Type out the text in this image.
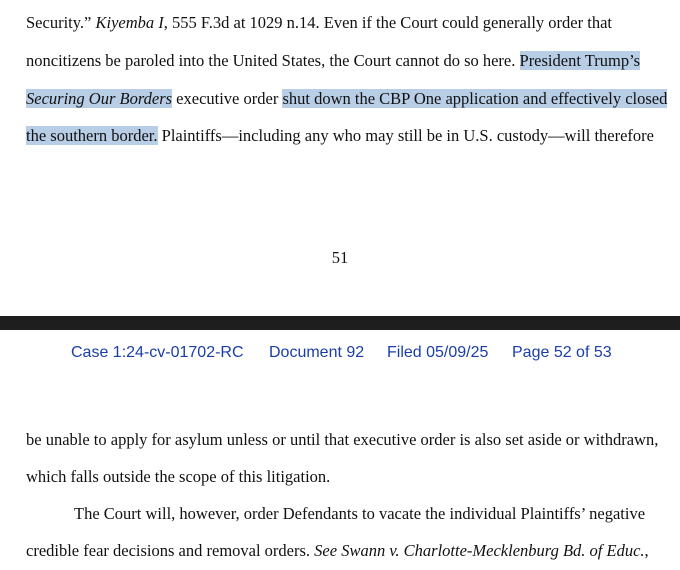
Security.” Kiyemba I, 555 F.3d at 1029 n.14. Even if the Court could generally order that
noncitizens be paroled into the United States, the Court cannot do so here. President Trump’s
Securing Our Borders executive order shut down the CBP One application and effectively closed
the southern border. Plaintiffs—including any who may still be in U.S. custody—will therefore
51
Case 1:24-cv-01702-RC Document 92 Filed 05/09/25 Page 52 of 53
be unable to apply for asylum unless or until that executive order is also set aside or withdrawn,
which falls outside the scope of this litigation.
The Court will, however, order Defendants to vacate the individual Plaintiffs’ negative
credible fear decisions and removal orders. See Swann v. Charlotte-Mecklenburg Bd. of Educ.,
